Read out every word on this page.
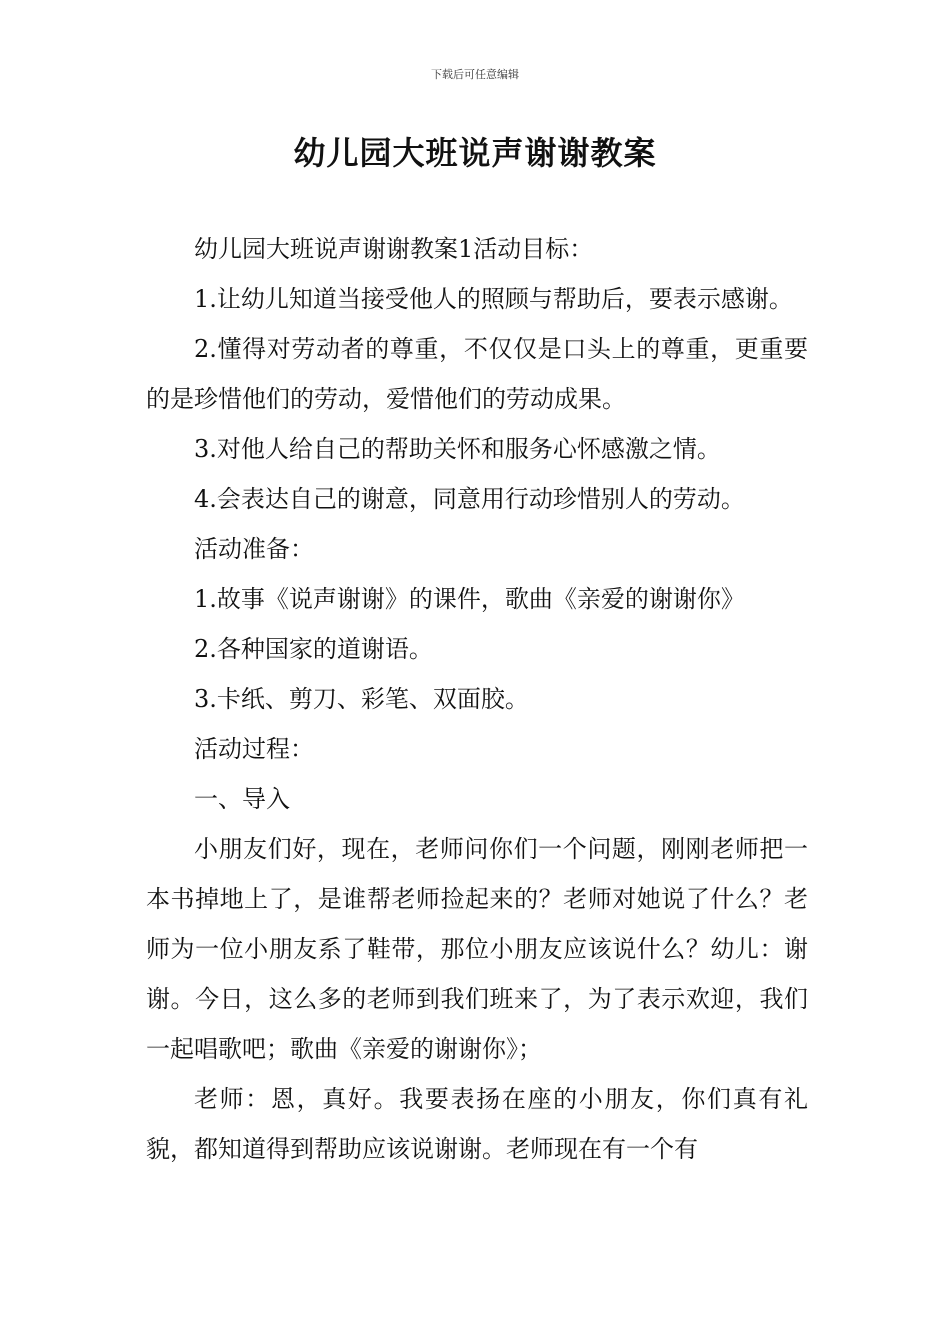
下载后可任意编辑
幼儿园大班说声谢谢教案

幼儿园大班说声谢谢教案1活动目标：

1.让幼儿知道当接受他人的照顾与帮助后，要表示感谢。

2.懂得对劳动者的尊重，不仅仅是口头上的尊重，更重要的是珍惜他们的劳动，爱惜他们的劳动成果。

3.对他人给自己的帮助关怀和服务心怀感激之情。

4.会表达自己的谢意，同意用行动珍惜别人的劳动。

活动准备：

1.故事《说声谢谢》的课件，歌曲《亲爱的谢谢你》

2.各种国家的道谢语。

3.卡纸、剪刀、彩笔、双面胶。

活动过程：

一、导入

小朋友们好，现在，老师问你们一个问题，刚刚老师把一本书掉地上了，是谁帮老师捡起来的？老师对她说了什么？老师为一位小朋友系了鞋带，那位小朋友应该说什么？幼儿：谢谢。今日，这么多的老师到我们班来了，为了表示欢迎，我们一起唱歌吧；歌曲《亲爱的谢谢你》；

老师：恩，真好。我要表扬在座的小朋友，你们真有礼貌，都知道得到帮助应该说谢谢。老师现在有一个有
